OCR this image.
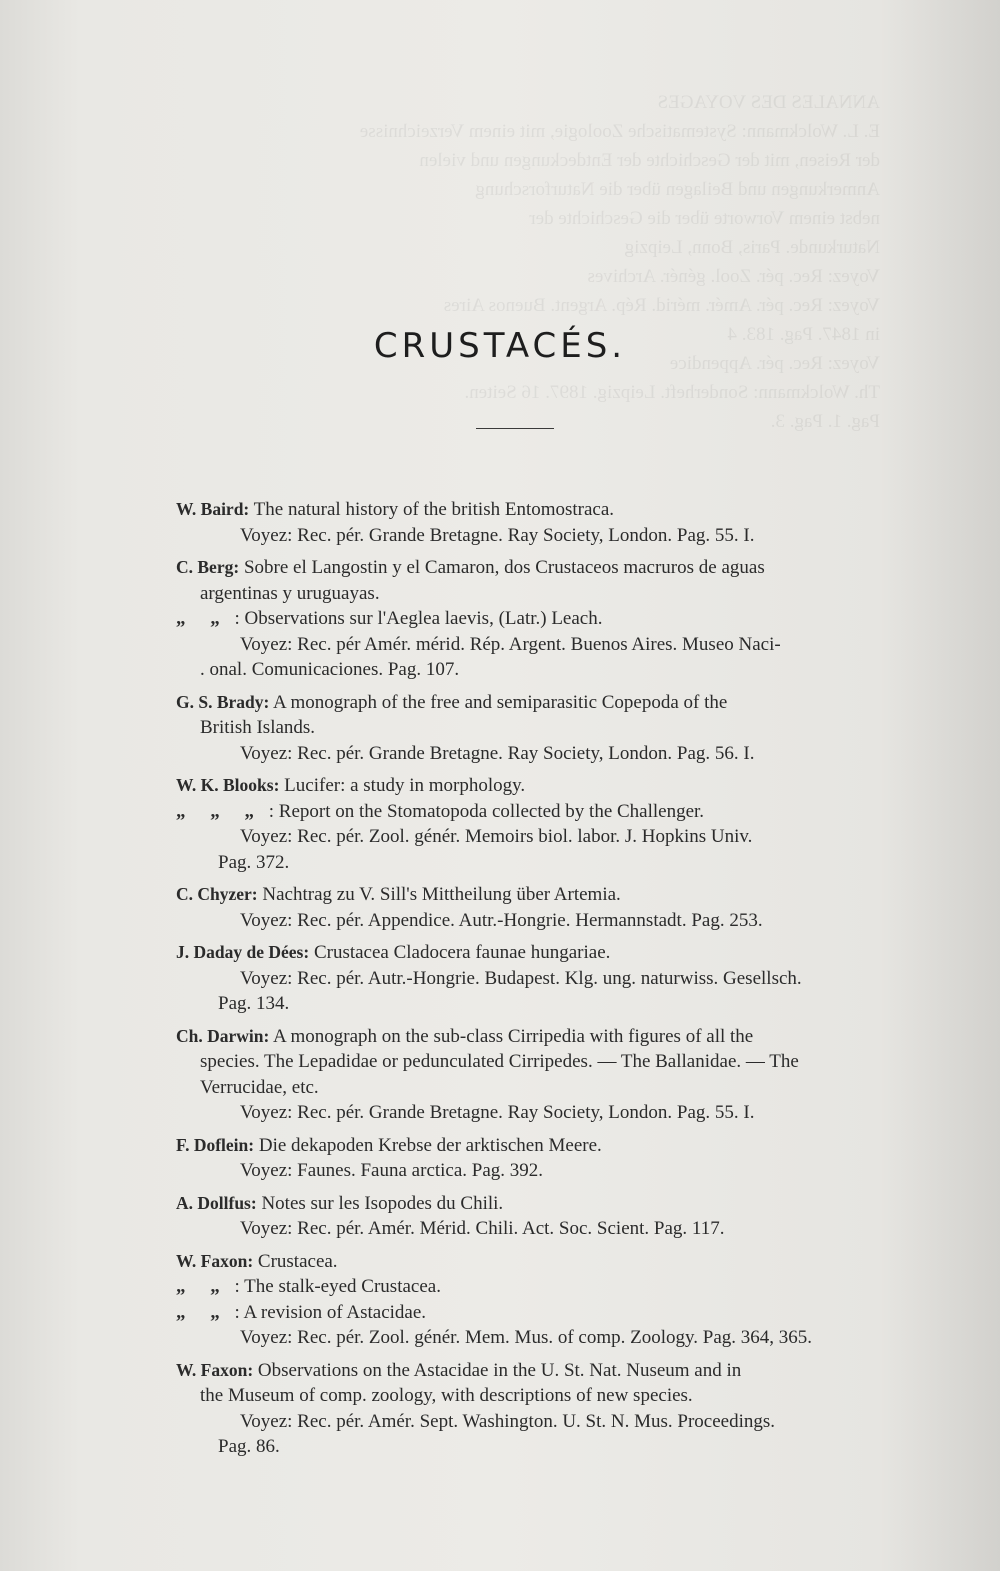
ANNALES DES VOYAGES
E. L. Wolckmann: Systematische Zoologie, mit einem Verzeichnisse
der Reisen, mit der Geschichte der Entdeckungen und vielen
Anmerkungen und Beilagen über die Naturforschung
nebst einem Vorworte über die Geschichte der
Naturkunde. Paris, Bonn, Leipzig
Voyez: Rec. pér. Zool. génér. Archives
Voyez: Rec. pér. Amér. mérid. Rép. Argent. Buenos Aires
in 1847. Pag. 183. 4
Voyez: Rec. pér. Appendice
Th. Wolckmann: Sonderheft. Leipzig. 1897. 16 Seiten.
Pag. 1. Pag. 3.
CRUSTACÉS.
W. Baird: The natural history of the british Entomostraca.
Voyez: Rec. pér. Grande Bretagne. Ray Society, London. Pag. 55. I.
C. Berg: Sobre el Langostin y el Camaron, dos Crustaceos macruros de aguas
argentinas y uruguayas.
„ „ : Observations sur l'Aeglea laevis, (Latr.) Leach.
Voyez: Rec. pér Amér. mérid. Rép. Argent. Buenos Aires. Museo Naci-
. onal. Comunicaciones. Pag. 107.
G. S. Brady: A monograph of the free and semiparasitic Copepoda of the
British Islands.
Voyez: Rec. pér. Grande Bretagne. Ray Society, London. Pag. 56. I.
W. K. Blooks: Lucifer: a study in morphology.
„ „ „ : Report on the Stomatopoda collected by the Challenger.
Voyez: Rec. pér. Zool. génér. Memoirs biol. labor. J. Hopkins Univ.
Pag. 372.
C. Chyzer: Nachtrag zu V. Sill's Mittheilung über Artemia.
Voyez: Rec. pér. Appendice. Autr.-Hongrie. Hermannstadt. Pag. 253.
J. Daday de Dées: Crustacea Cladocera faunae hungariae.
Voyez: Rec. pér. Autr.-Hongrie. Budapest. Klg. ung. naturwiss. Gesellsch.
Pag. 134.
Ch. Darwin: A monograph on the sub-class Cirripedia with figures of all the
species. The Lepadidae or pedunculated Cirripedes. — The Ballanidae. — The
Verrucidae, etc.
Voyez: Rec. pér. Grande Bretagne. Ray Society, London. Pag. 55. I.
F. Doflein: Die dekapoden Krebse der arktischen Meere.
Voyez: Faunes. Fauna arctica. Pag. 392.
A. Dollfus: Notes sur les Isopodes du Chili.
Voyez: Rec. pér. Amér. Mérid. Chili. Act. Soc. Scient. Pag. 117.
W. Faxon: Crustacea.
„ „ : The stalk-eyed Crustacea.
„ „ : A revision of Astacidae.
Voyez: Rec. pér. Zool. génér. Mem. Mus. of comp. Zoology. Pag. 364, 365.
W. Faxon: Observations on the Astacidae in the U. St. Nat. Nuseum and in
the Museum of comp. zoology, with descriptions of new species.
Voyez: Rec. pér. Amér. Sept. Washington. U. St. N. Mus. Proceedings.
Pag. 86.
